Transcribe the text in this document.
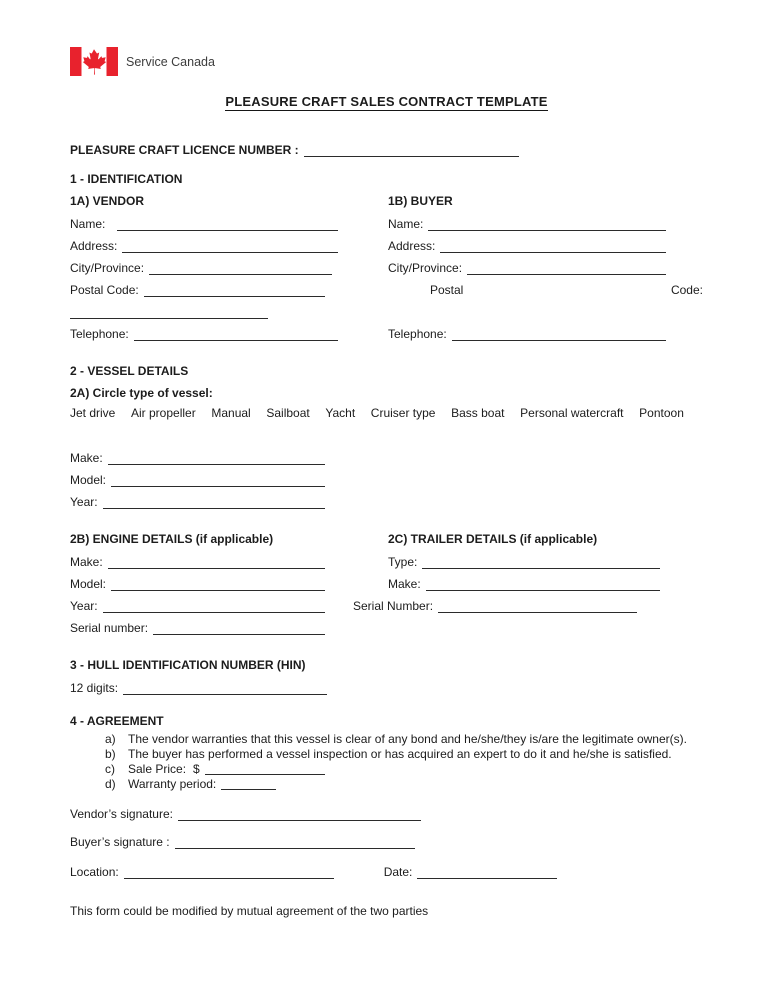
Service Canada
PLEASURE CRAFT SALES CONTRACT TEMPLATE
PLEASURE CRAFT LICENCE NUMBER :
1 - IDENTIFICATION
1A) VENDOR
Name:
Address:
City/Province:
Postal Code:
Telephone:
1B) BUYER
Name:
Address:
City/Province:
Postal	Code:
Telephone:
2 - VESSEL DETAILS
2A) Circle type of vessel:
Jet drive Air propeller Manual Sailboat Yacht Cruiser type Bass boat Personal watercraft Pontoon
Make:
Model:
Year:
2B) ENGINE DETAILS (if applicable)
Make:
Model:
Year:
Serial number:
2C) TRAILER DETAILS (if applicable)
Type:
Make:
Serial Number:
3 - HULL IDENTIFICATION NUMBER (HIN)
12 digits:
4 - AGREEMENT
a)	The vendor warranties that this vessel is clear of any bond and he/she/they is/are the legitimate owner(s).
b)	The buyer has performed a vessel inspection or has acquired an expert to do it and he/she is satisfied.
c)	Sale Price: $
d)	Warranty period:
Vendor’s signature:
Buyer’s signature :
Location:	Date:
This form could be modified by mutual agreement of the two parties
